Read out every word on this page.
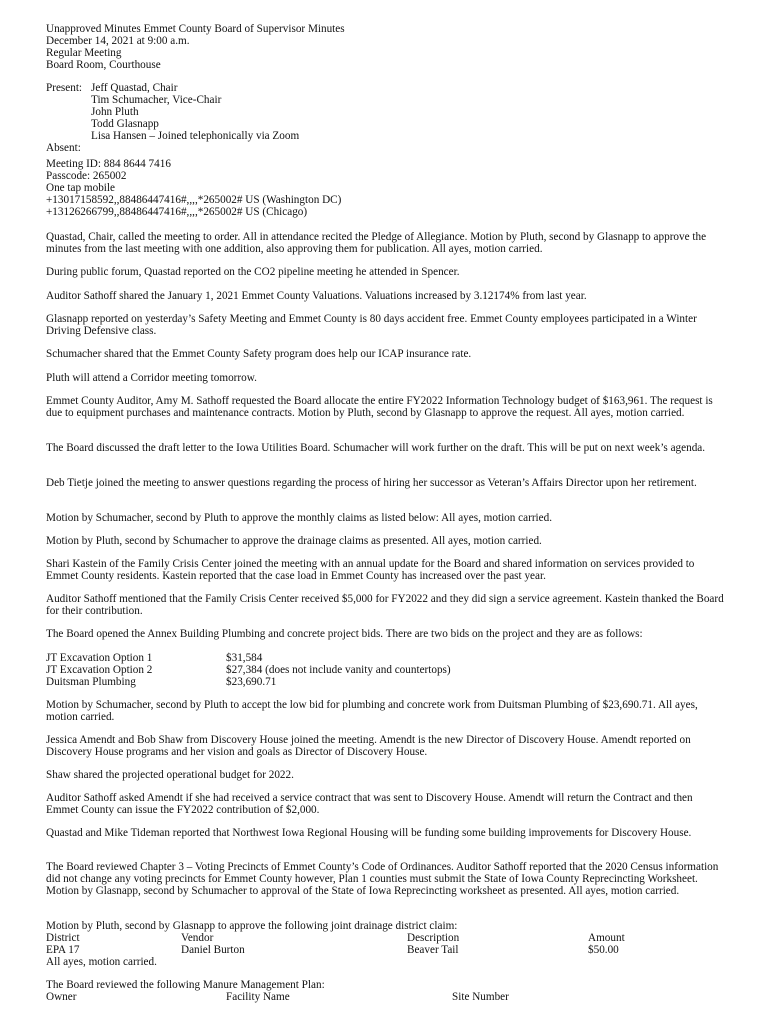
Unapproved Minutes Emmet County Board of Supervisor Minutes
December 14, 2021 at 9:00 a.m.
Regular Meeting
Board Room, Courthouse
Present: Jeff Quastad, Chair
Tim Schumacher, Vice-Chair
John Pluth
Todd Glasnapp
Lisa Hansen – Joined telephonically via Zoom
Absent:
Meeting ID: 884 8644 7416
Passcode: 265002
One tap mobile
+13017158592,,88486447416#,,,,*265002# US (Washington DC)
+13126266799,,88486447416#,,,,*265002# US (Chicago)
Quastad, Chair, called the meeting to order. All in attendance recited the Pledge of Allegiance. Motion by Pluth, second by Glasnapp to approve the minutes from the last meeting with one addition, also approving them for publication. All ayes, motion carried.
During public forum, Quastad reported on the CO2 pipeline meeting he attended in Spencer.
Auditor Sathoff shared the January 1, 2021 Emmet County Valuations. Valuations increased by 3.12174% from last year.
Glasnapp reported on yesterday’s Safety Meeting and Emmet County is 80 days accident free. Emmet County employees participated in a Winter Driving Defensive class.
Schumacher shared that the Emmet County Safety program does help our ICAP insurance rate.
Pluth will attend a Corridor meeting tomorrow.
Emmet County Auditor, Amy M. Sathoff requested the Board allocate the entire FY2022 Information Technology budget of $163,961. The request is due to equipment purchases and maintenance contracts. Motion by Pluth, second by Glasnapp to approve the request. All ayes, motion carried.
The Board discussed the draft letter to the Iowa Utilities Board. Schumacher will work further on the draft. This will be put on next week’s agenda.
Deb Tietje joined the meeting to answer questions regarding the process of hiring her successor as Veteran’s Affairs Director upon her retirement.
Motion by Schumacher, second by Pluth to approve the monthly claims as listed below: All ayes, motion carried.
Motion by Pluth, second by Schumacher to approve the drainage claims as presented. All ayes, motion carried.
Shari Kastein of the Family Crisis Center joined the meeting with an annual update for the Board and shared information on services provided to Emmet County residents. Kastein reported that the case load in Emmet County has increased over the past year.
Auditor Sathoff mentioned that the Family Crisis Center received $5,000 for FY2022 and they did sign a service agreement. Kastein thanked the Board for their contribution.
The Board opened the Annex Building Plumbing and concrete project bids. There are two bids on the project and they are as follows:
JT Excavation Option 1	$31,584
JT Excavation Option 2	$27,384 (does not include vanity and countertops)
Duitsman Plumbing	$23,690.71
Motion by Schumacher, second by Pluth to accept the low bid for plumbing and concrete work from Duitsman Plumbing of $23,690.71. All ayes, motion carried.
Jessica Amendt and Bob Shaw from Discovery House joined the meeting. Amendt is the new Director of Discovery House. Amendt reported on Discovery House programs and her vision and goals as Director of Discovery House.
Shaw shared the projected operational budget for 2022.
Auditor Sathoff asked Amendt if she had received a service contract that was sent to Discovery House. Amendt will return the Contract and then Emmet County can issue the FY2022 contribution of $2,000.
Quastad and Mike Tideman reported that Northwest Iowa Regional Housing will be funding some building improvements for Discovery House.
The Board reviewed Chapter 3 – Voting Precincts of Emmet County’s Code of Ordinances. Auditor Sathoff reported that the 2020 Census information did not change any voting precincts for Emmet County however, Plan 1 counties must submit the State of Iowa County Reprecincting Worksheet. Motion by Glasnapp, second by Schumacher to approval of the State of Iowa Reprecincting worksheet as presented. All ayes, motion carried.
Motion by Pluth, second by Glasnapp to approve the following joint drainage district claim:
District	Vendor	Description	Amount
EPA 17	Daniel Burton	Beaver Tail	$50.00
All ayes, motion carried.
The Board reviewed the following Manure Management Plan:
Owner	Facility Name	Site Number
